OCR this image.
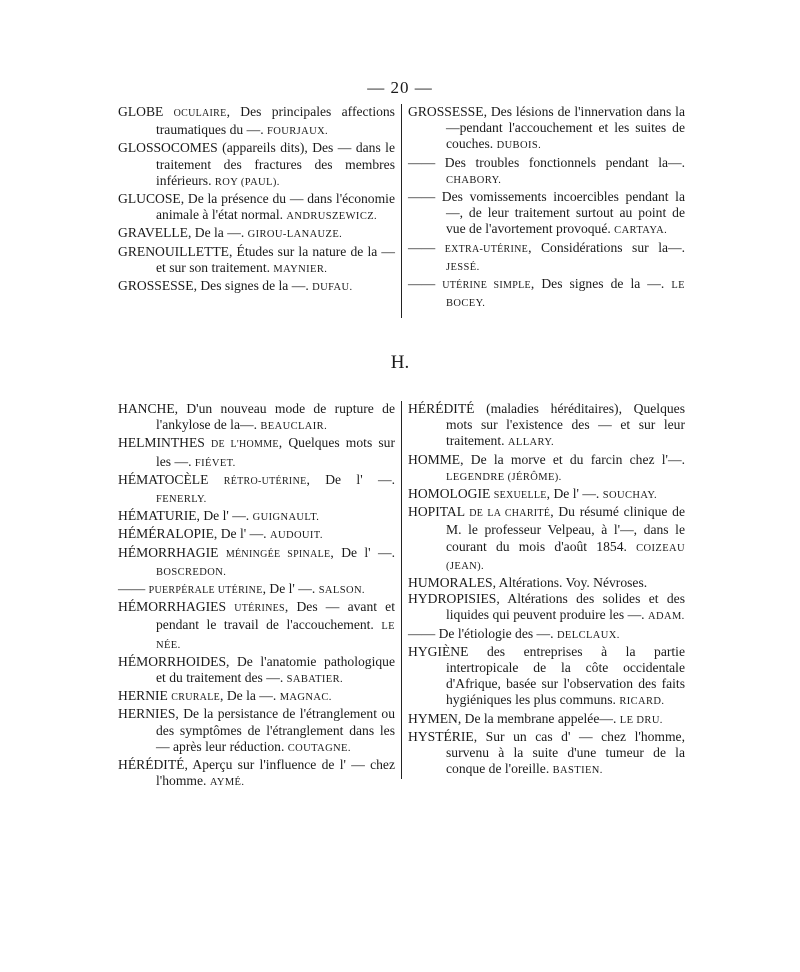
— 20 —

GLOBE OCULAIRE, Des principales affections traumatiques du —. FOURJAUX.

GLOSSOCOMES (appareils dits), Des — dans le traitement des fractures des membres inférieurs. ROY (PAUL).

GLUCOSE, De la présence du — dans l'économie animale à l'état normal. ANDRUSZEWICZ.

GRAVELLE, De la —. GIROU-LANAUZE.

GRENOUILLETTE, Études sur la nature de la — et sur son traitement. MAYNIER.

GROSSESSE, Des signes de la —. DUFAU.

GROSSESSE, Des lésions de l'innervation dans la —pendant l'accouchement et les suites de couches. DUBOIS.

—— Des troubles fonctionnels pendant la—. CHABORY.

—— Des vomissements incoercibles pendant la —, de leur traitement surtout au point de vue de l'avortement provoqué. CARTAYA.

—— EXTRA-UTÉRINE, Considérations sur la—. JESSÉ.

—— UTÉRINE SIMPLE, Des signes de la —. LE BOCEY.

H.

HANCHE, D'un nouveau mode de rupture de l'ankylose de la—. BEAUCLAIR.

HELMINTHES DE L'HOMME, Quelques mots sur les —. FIÉVET.

HÉMATOCÈLE RÉTRO-UTÉRINE, De l' —. FENERLY.

HÉMATURIE, De l' —. GUIGNAULT.

HÉMÉRALOPIE, De l' —. AUDOUIT.

HÉMORRHAGIE MÉNINGÉE SPINALE, De l' —. BOSCREDON.

—— PUERPÉRALE UTÉRINE, De l' —. SALSON.

HÉMORRHAGIES UTÉRINES, Des — avant et pendant le travail de l'accouchement. LE NÉE.

HÉMORRHOIDES, De l'anatomie pathologique et du traitement des —. SABATIER.

HERNIE CRURALE, De la —. MAGNAC.

HERNIES, De la persistance de l'étranglement ou des symptômes de l'étranglement dans les — après leur réduction. COUTAGNE.

HÉRÉDITÉ, Aperçu sur l'influence de l' — chez l'homme. AYMÉ.

HÉRÉDITÉ (maladies héréditaires), Quelques mots sur l'existence des — et sur leur traitement. ALLARY.

HOMME, De la morve et du farcin chez l'—. LEGENDRE (JÉRÔME).

HOMOLOGIE SEXUELLE, De l' —. SOUCHAY.

HOPITAL DE LA CHARITÉ, Du résumé clinique de M. le professeur Velpeau, à l'—, dans le courant du mois d'août 1854. COIZEAU (JEAN).

HUMORALES, Altérations. Voy. Névroses.

HYDROPISIES, Altérations des solides et des liquides qui peuvent produire les —. ADAM.

—— De l'étiologie des —. DELCLAUX.

HYGIÈNE des entreprises à la partie intertropicale de la côte occidentale d'Afrique, basée sur l'observation des faits hygiéniques les plus communs. RICARD.

HYMEN, De la membrane appelée—. LE DRU.

HYSTÉRIE, Sur un cas d' — chez l'homme, survenu à la suite d'une tumeur de la conque de l'oreille. BASTIEN.
